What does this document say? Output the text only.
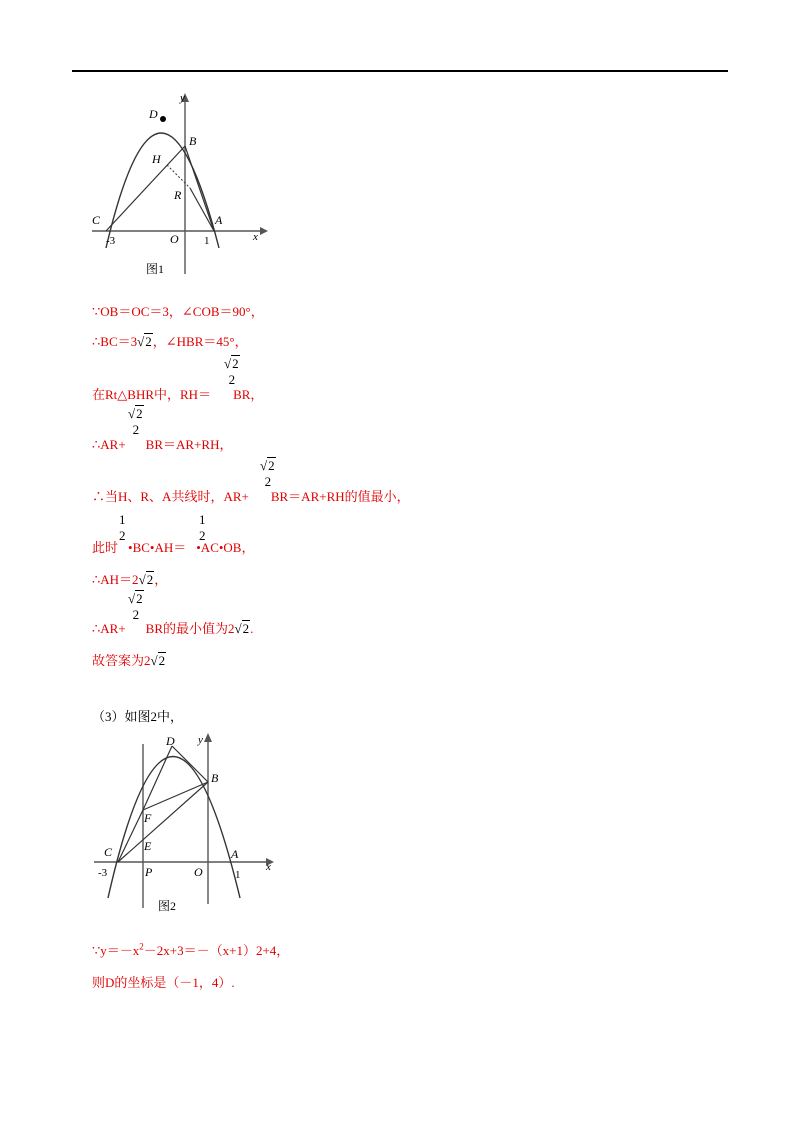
D
y
B
H
R
C	A
O	x
-3	1
图1
∵OB＝OC＝3，∠COB＝90°，
∴BC＝3√2，∠HBR＝45°，
√2
2
在Rt△BHR中，RH＝ BR，
√2
2
∴AR+ BR＝AR+RH，
√2
2
∴当H、R、A共线时，AR+ BR＝AR+RH的值最小，
1
2
1
2
此时 •BC•AH＝ •AC•OB，
∴AH＝2√2，
√2
2
∴AR+ BR的最小值为2√2.
故答案为2√2
（3）如图2中，
D y
B
F
C	E
A
x
-3	P	O	1
图2
$\because y=-x^2-2x+3=-(x+1)2+4$，
则D的坐标是（－1，4）.
